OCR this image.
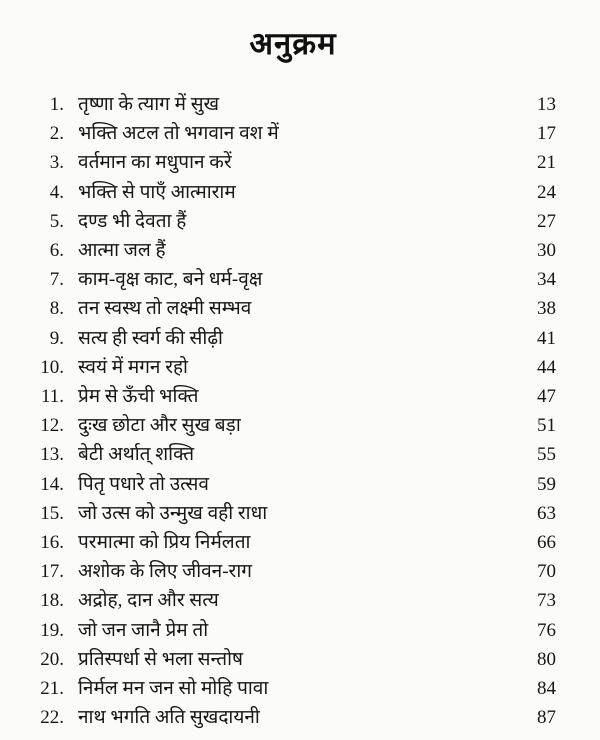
अनुक्रम
1. तृष्णा के त्याग में सुख	13
2. भक्ति अटल तो भगवान वश में	17
3. वर्तमान का मधुपान करें	21
4. भक्ति से पाएँ आत्माराम	24
5. दण्ड भी देवता हैं	27
6. आत्मा जल हैं	30
7. काम-वृक्ष काट, बने धर्म-वृक्ष	34
8. तन स्वस्थ तो लक्ष्मी सम्भव	38
9. सत्य ही स्वर्ग की सीढ़ी	41
10. स्वयं में मगन रहो	44
11. प्रेम से ऊँची भक्ति	47
12. दुःख छोटा और सुख बड़ा	51
13. बेटी अर्थात् शक्ति	55
14. पितृ पधारे तो उत्सव	59
15. जो उत्स को उन्मुख वही राधा	63
16. परमात्मा को प्रिय निर्मलता	66
17. अशोक के लिए जीवन-राग	70
18. अद्रोह, दान और सत्य	73
19. जो जन जानै प्रेम तो	76
20. प्रतिस्पर्धा से भला सन्तोष	80
21. निर्मल मन जन सो मोहि पावा	84
22. नाथ भगति अति सुखदायनी	87
